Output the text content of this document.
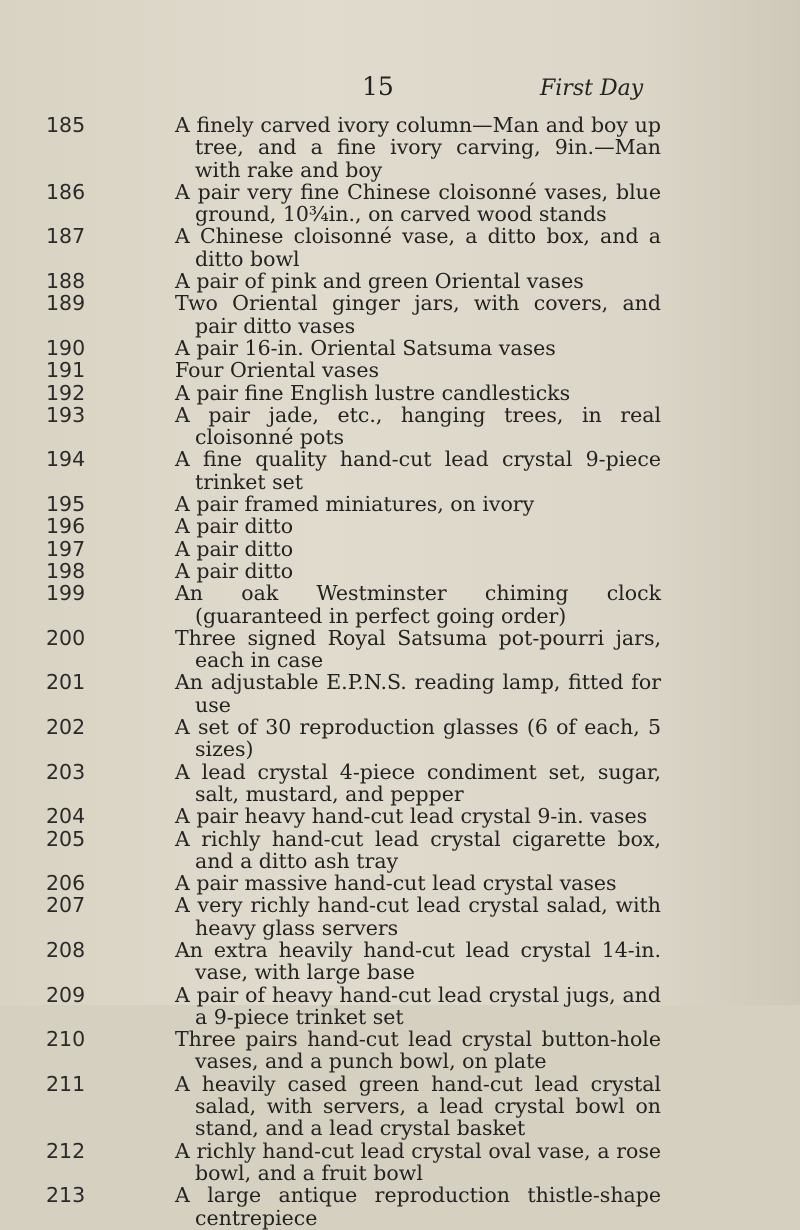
15	First Day
185	A finely carved ivory column—Man and boy up tree, and a fine ivory carving, 9in.—Man with rake and boy
186	A pair very fine Chinese cloisonné vases, blue ground, 10¾in., on carved wood stands
187	A Chinese cloisonné vase, a ditto box, and a ditto bowl
188	A pair of pink and green Oriental vases
189	Two Oriental ginger jars, with covers, and pair ditto vases
190	A pair 16-in. Oriental Satsuma vases
191	Four Oriental vases
192	A pair fine English lustre candlesticks
193	A pair jade, etc., hanging trees, in real cloisonné pots
194	A fine quality hand-cut lead crystal 9-piece trinket set
195	A pair framed miniatures, on ivory
196	A pair ditto
197	A pair ditto
198	A pair ditto
199	An oak Westminster chiming clock (guaranteed in perfect going order)
200	Three signed Royal Satsuma pot-pourri jars, each in case
201	An adjustable E.P.N.S. reading lamp, fitted for use
202	A set of 30 reproduction glasses (6 of each, 5 sizes)
203	A lead crystal 4-piece condiment set, sugar, salt, mustard, and pepper
204	A pair heavy hand-cut lead crystal 9-in. vases
205	A richly hand-cut lead crystal cigarette box, and a ditto ash tray
206	A pair massive hand-cut lead crystal vases
207	A very richly hand-cut lead crystal salad, with heavy glass servers
208	An extra heavily hand-cut lead crystal 14-in. vase, with large base
209	A pair of heavy hand-cut lead crystal jugs, and a 9-piece trinket set
210	Three pairs hand-cut lead crystal button-hole vases, and a punch bowl, on plate
211	A heavily cased green hand-cut lead crystal salad, with servers, a lead crystal bowl on stand, and a lead crystal basket
212	A richly hand-cut lead crystal oval vase, a rose bowl, and a fruit bowl
213	A large antique reproduction thistle-shape centrepiece
